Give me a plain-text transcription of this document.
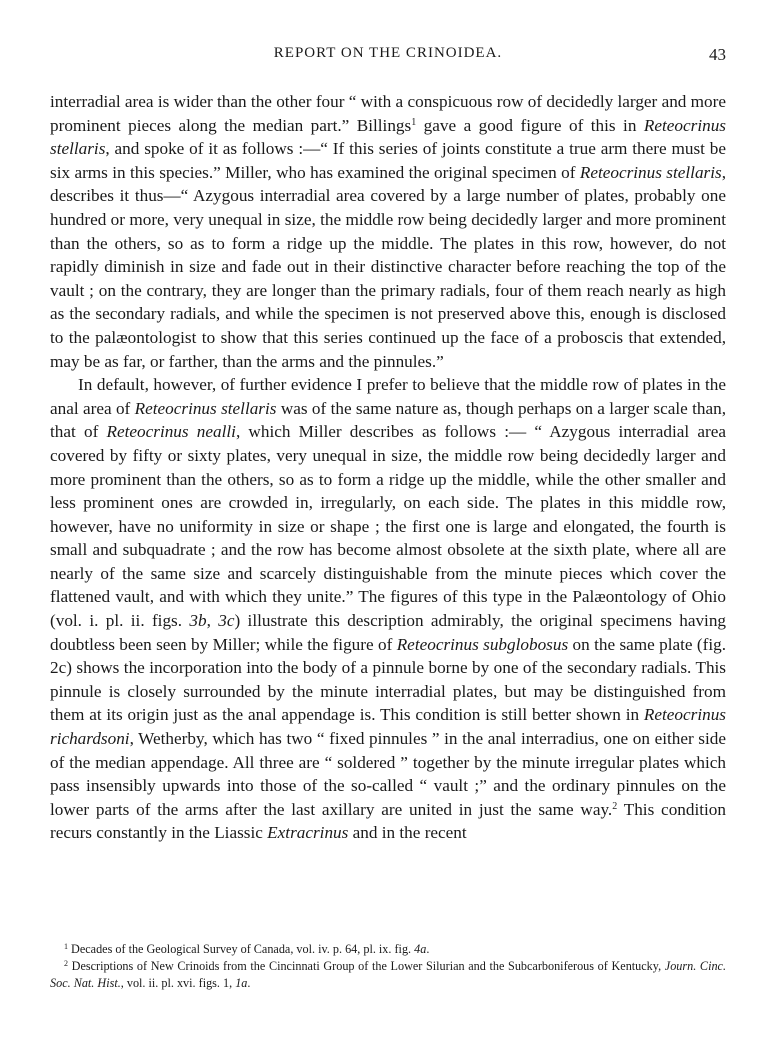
REPORT ON THE CRINOIDEA.	43

interradial area is wider than the other four “ with a conspicuous row of decidedly larger and more prominent pieces along the median part.” Billings$^1$ gave a good figure of this in Reteocrinus stellaris, and spoke of it as follows :—“ If this series of joints constitute a true arm there must be six arms in this species.” Miller, who has examined the original specimen of Reteocrinus stellaris, describes it thus—“ Azygous interradial area covered by a large number of plates, probably one hundred or more, very unequal in size, the middle row being decidedly larger and more prominent than the others, so as to form a ridge up the middle. The plates in this row, however, do not rapidly diminish in size and fade out in their distinctive character before reaching the top of the vault ; on the contrary, they are longer than the primary radials, four of them reach nearly as high as the secondary radials, and while the specimen is not preserved above this, enough is disclosed to the palæontologist to show that this series continued up the face of a proboscis that extended, may be as far, or farther, than the arms and the pinnules.”

In default, however, of further evidence I prefer to believe that the middle row of plates in the anal area of Reteocrinus stellaris was of the same nature as, though perhaps on a larger scale than, that of Reteocrinus nealli, which Miller describes as follows :— “ Azygous interradial area covered by fifty or sixty plates, very unequal in size, the middle row being decidedly larger and more prominent than the others, so as to form a ridge up the middle, while the other smaller and less prominent ones are crowded in, irregularly, on each side. The plates in this middle row, however, have no uniformity in size or shape ; the first one is large and elongated, the fourth is small and subquadrate ; and the row has become almost obsolete at the sixth plate, where all are nearly of the same size and scarcely distinguishable from the minute pieces which cover the flattened vault, and with which they unite.” The figures of this type in the Palæontology of Ohio (vol. i. pl. ii. figs. 3b, 3c) illustrate this description admirably, the original specimens having doubtless been seen by Miller; while the figure of Reteocrinus subglobosus on the same plate (fig. 2c) shows the incorporation into the body of a pinnule borne by one of the secondary radials. This pinnule is closely surrounded by the minute interradial plates, but may be distinguished from them at its origin just as the anal appendage is. This condition is still better shown in Reteocrinus richardsoni, Wetherby, which has two “ fixed pinnules ” in the anal interradius, one on either side of the median appendage. All three are “ soldered ” together by the minute irregular plates which pass insensibly upwards into those of the so-called “ vault ;” and the ordinary pinnules on the lower parts of the arms after the last axillary are united in just the same way.$^2$ This condition recurs constantly in the Liassic Extracrinus and in the recent

$^1$ Decades of the Geological Survey of Canada, vol. iv. p. 64, pl. ix. fig. 4a.

$^2$ Descriptions of New Crinoids from the Cincinnati Group of the Lower Silurian and the Subcarboniferous of Kentucky, Journ. Cinc. Soc. Nat. Hist., vol. ii. pl. xvi. figs. 1, 1a.
